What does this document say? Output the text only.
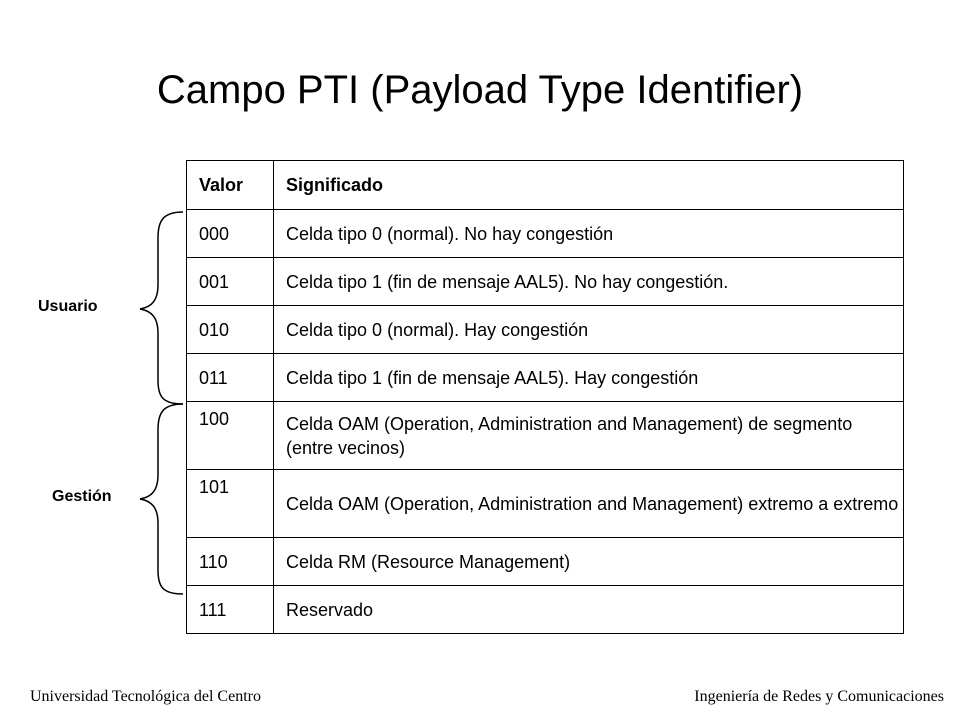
Campo PTI (Payload Type Identifier)
Usuario
Gestión
Valor	Significado
000	Celda tipo 0 (normal). No hay congestión
001	Celda tipo 1 (fin de mensaje AAL5). No hay congestión.
010	Celda tipo 0 (normal). Hay congestión
011	Celda tipo 1 (fin de mensaje AAL5). Hay congestión
100	Celda OAM (Operation, Administration and Management) de segmento (entre vecinos)
101	Celda OAM (Operation, Administration and Management) extremo a extremo
110	Celda RM (Resource Management)
111	Reservado
Universidad Tecnológica del Centro	Ingeniería de Redes y Comunicaciones
